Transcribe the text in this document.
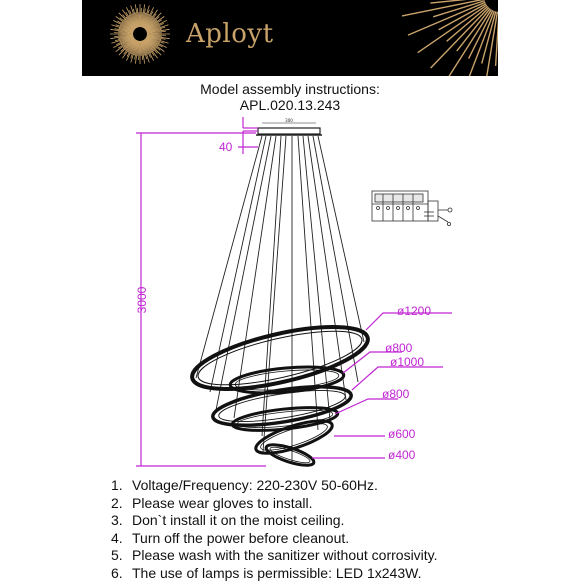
Aployt
Model assembly instructions:
APL.020.13.243
300
40
3000	ø1200
ø800
ø1000
ø800
ø600
ø400
1. Voltage/Frequency: 220-230V 50-60Hz.
2. Please wear gloves to install.
3. Don`t install it on the moist ceiling.
4. Turn off the power before cleanout.
5. Please wash with the sanitizer without corrosivity.
6. The use of lamps is permissible: LED 1x243W.
